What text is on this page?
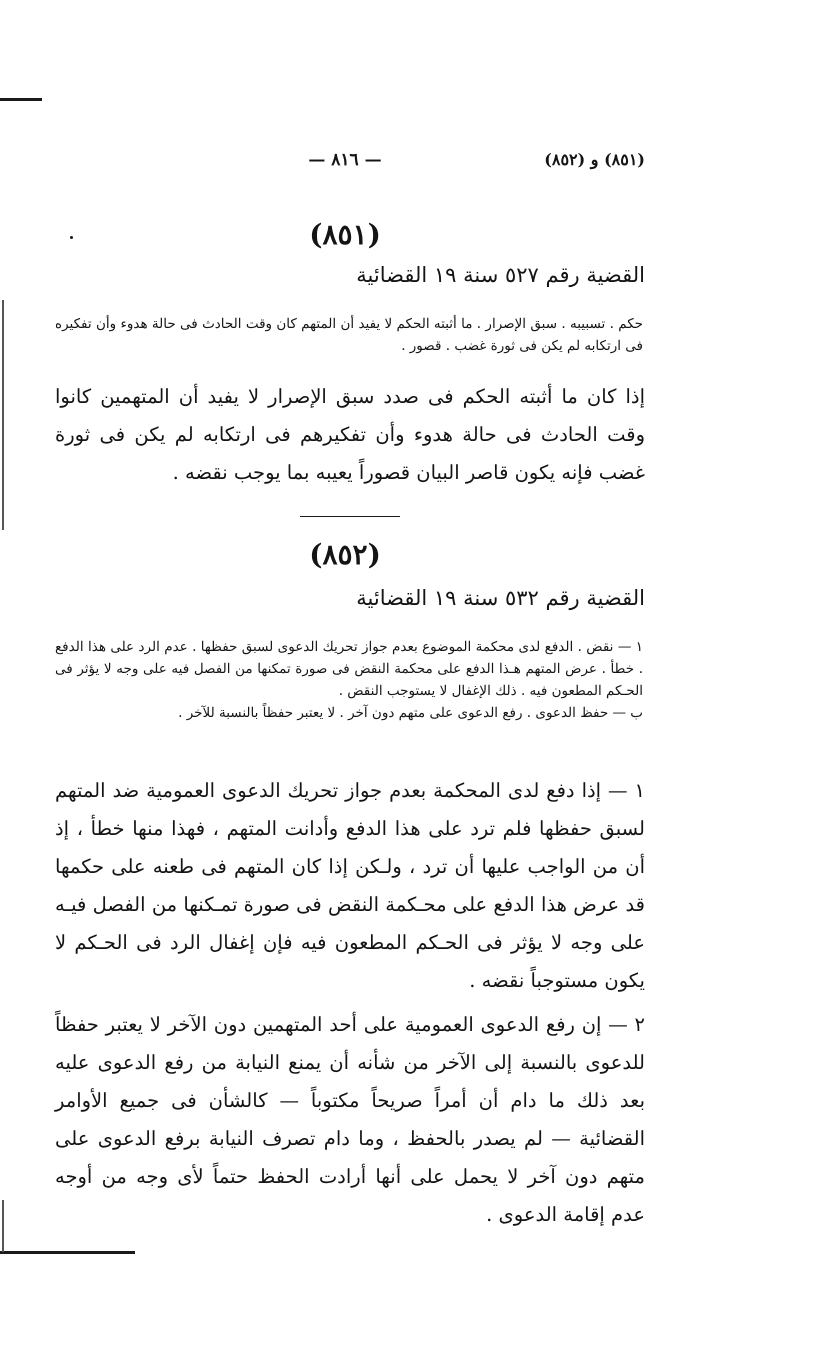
(٨٥١) و (٨٥٢)
— ٨١٦ —
(٨٥١)
القضية رقم ٥٢٧ سنة ١٩ القضائية

حكم . تسبيبه . سبق الإصرار . ما أثبته الحكم لا يفيد أن المتهم كان وقت الحادث فى حالة هدوء وأن تفكيره فى ارتكابه لم يكن فى ثورة غضب . قصور .

إذا كان ما أثبته الحكم فى صدد سبق الإصرار لا يفيد أن المتهمين كانوا وقت الحادث فى حالة هدوء وأن تفكيرهم فى ارتكابه لم يكن فى ثورة غضب فإنه يكون قاصر البيان قصوراً يعيبه بما يوجب نقضه .

(٨٥٢)
القضية رقم ٥٣٢ سنة ١٩ القضائية

١ — نقض . الدفع لدى محكمة الموضوع بعدم جواز تحريك الدعوى لسبق حفظها . عدم الرد على هذا الدفع . خطأ . عرض المتهم هـذا الدفع على محكمة النقض فى صورة تمكنها من الفصل فيه على وجه لا يؤثر فى الحـكم المطعون فيه . ذلك الإغفال لا يستوجب النقض .

ب — حفظ الدعوى . رفع الدعوى على متهم دون آخر . لا يعتبر حفظاً بالنسبة للآخر .

١ — إذا دفع لدى المحكمة بعدم جواز تحريك الدعوى العمومية ضد المتهم لسبق حفظها فلم ترد على هذا الدفع وأدانت المتهم ، فهذا منها خطأ ، إذ أن من الواجب عليها أن ترد ، ولـكن إذا كان المتهم فى طعنه على حكمها قد عرض هذا الدفع على محـكمة النقض فى صورة تمـكنها من الفصل فيـه على وجه لا يؤثر فى الحـكم المطعون فيه فإن إغفال الرد فى الحـكم لا يكون مستوجباً نقضه .

٢ — إن رفع الدعوى العمومية على أحد المتهمين دون الآخر لا يعتبر حفظاً للدعوى بالنسبة إلى الآخر من شأنه أن يمنع النيابة من رفع الدعوى عليه بعد ذلك ما دام أن أمراً صريحاً مكتوباً — كالشأن فى جميع الأوامر القضائية — لم يصدر بالحفظ ، وما دام تصرف النيابة برفع الدعوى على متهم دون آخر لا يحمل على أنها أرادت الحفظ حتماً لأى وجه من أوجه عدم إقامة الدعوى .
